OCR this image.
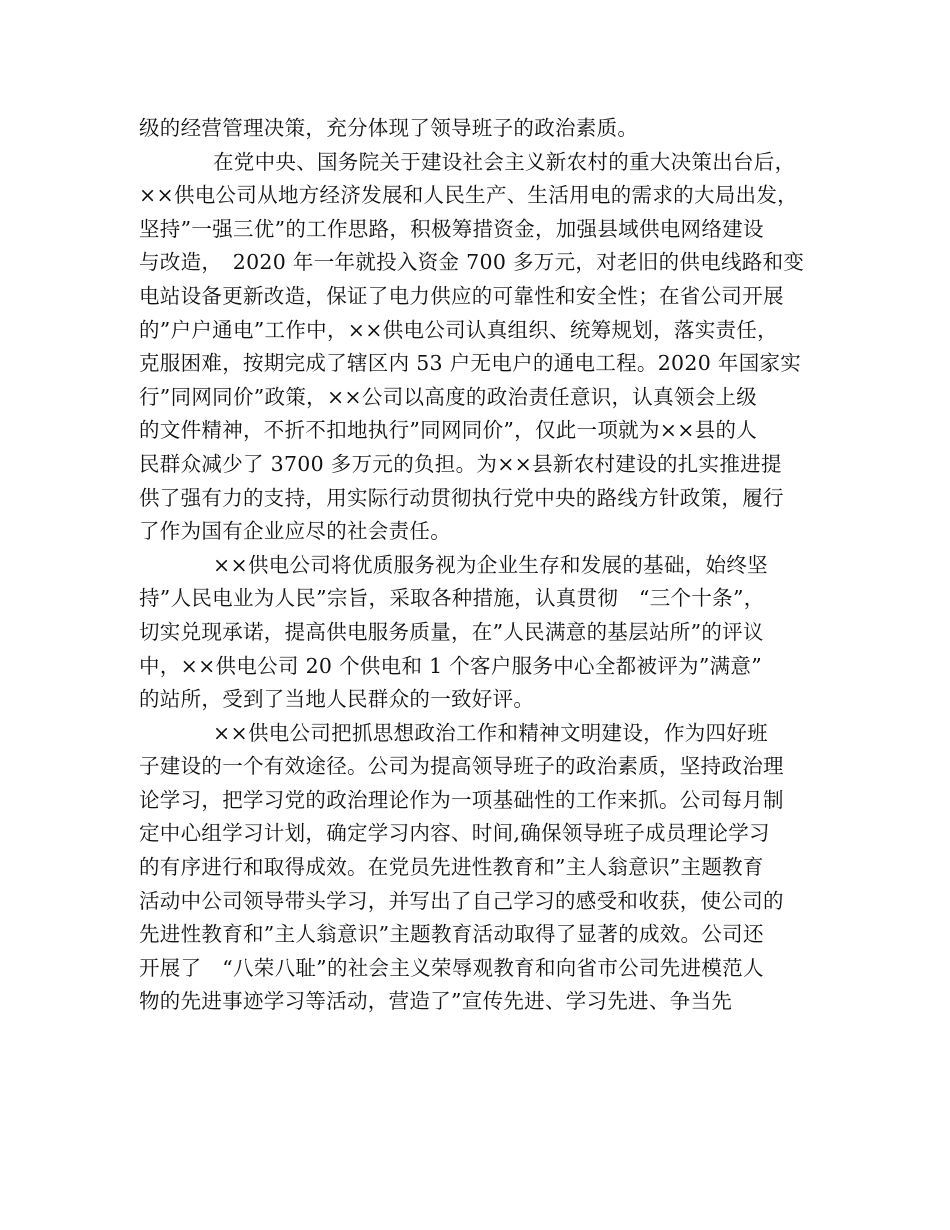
级的经营管理决策，充分体现了领导班子的政治素质。
在党中央、国务院关于建设社会主义新农村的重大决策出台后，
××供电公司从地方经济发展和人民生产、生活用电的需求的大局出发，
坚持”一强三优”的工作思路，积极筹措资金，加强县域供电网络建设
与改造，　2020 年一年就投入资金 700 多万元，对老旧的供电线路和变
电站设备更新改造，保证了电力供应的可靠性和安全性；在省公司开展
的”户户通电”工作中，××供电公司认真组织、统筹规划，落实责任，
克服困难，按期完成了辖区内 53 户无电户的通电工程。2020 年国家实
行”同网同价”政策，××公司以高度的政治责任意识，认真领会上级
的文件精神，不折不扣地执行”同网同价”，仅此一项就为××县的人
民群众减少了 3700 多万元的负担。为××县新农村建设的扎实推进提
供了强有力的支持，用实际行动贯彻执行党中央的路线方针政策，履行
了作为国有企业应尽的社会责任。
××供电公司将优质服务视为企业生存和发展的基础，始终坚
持”人民电业为人民”宗旨，采取各种措施，认真贯彻　“三个十条”，
切实兑现承诺，提高供电服务质量，在”人民满意的基层站所”的评议
中，××供电公司 20 个供电和 1 个客户服务中心全都被评为”满意”
的站所，受到了当地人民群众的一致好评。
××供电公司把抓思想政治工作和精神文明建设，作为四好班
子建设的一个有效途径。公司为提高领导班子的政治素质，坚持政治理
论学习，把学习党的政治理论作为一项基础性的工作来抓。公司每月制
定中心组学习计划，确定学习内容、时间,确保领导班子成员理论学习
的有序进行和取得成效。在党员先进性教育和”主人翁意识”主题教育
活动中公司领导带头学习，并写出了自己学习的感受和收获，使公司的
先进性教育和”主人翁意识”主题教育活动取得了显著的成效。公司还
开展了　“八荣八耻”的社会主义荣辱观教育和向省市公司先进模范人
物的先进事迹学习等活动，营造了”宣传先进、学习先进、争当先
